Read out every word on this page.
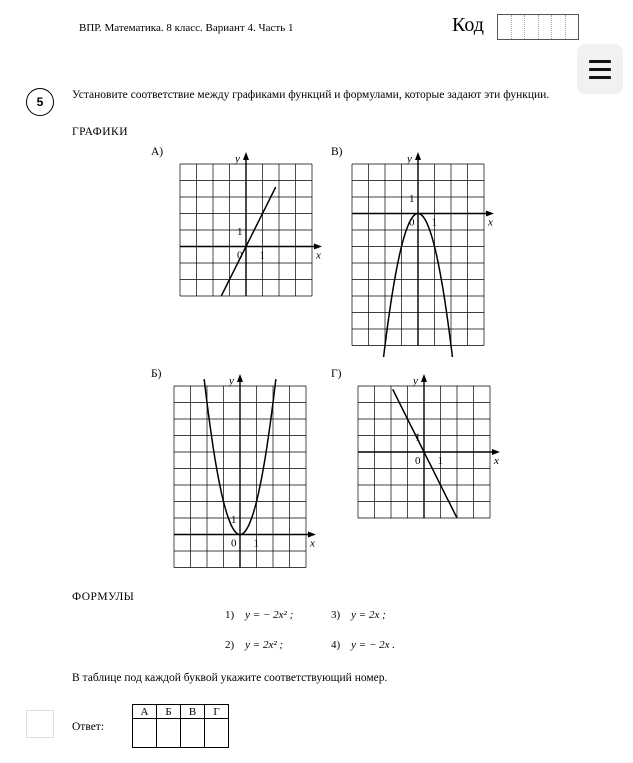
ВПР. Математика. 8 класс. Вариант 4. Часть 1	Код
5	Установите соответствие между графиками функций и формулами, которые задают эти функции.
ГРАФИКИ
А)	В)
Б)	Г)
x
y
0 1
1
x
y
0 1
1
x
y
0 1
1
x
y
0 1
1
ФОРМУЛЫ
1) y = − 2x² ;	3) y = 2x ;
2) y = 2x² ;	4) y = − 2x .
В таблице под каждой буквой укажите соответствующий номер.
Ответ:
А	Б	В	Г
